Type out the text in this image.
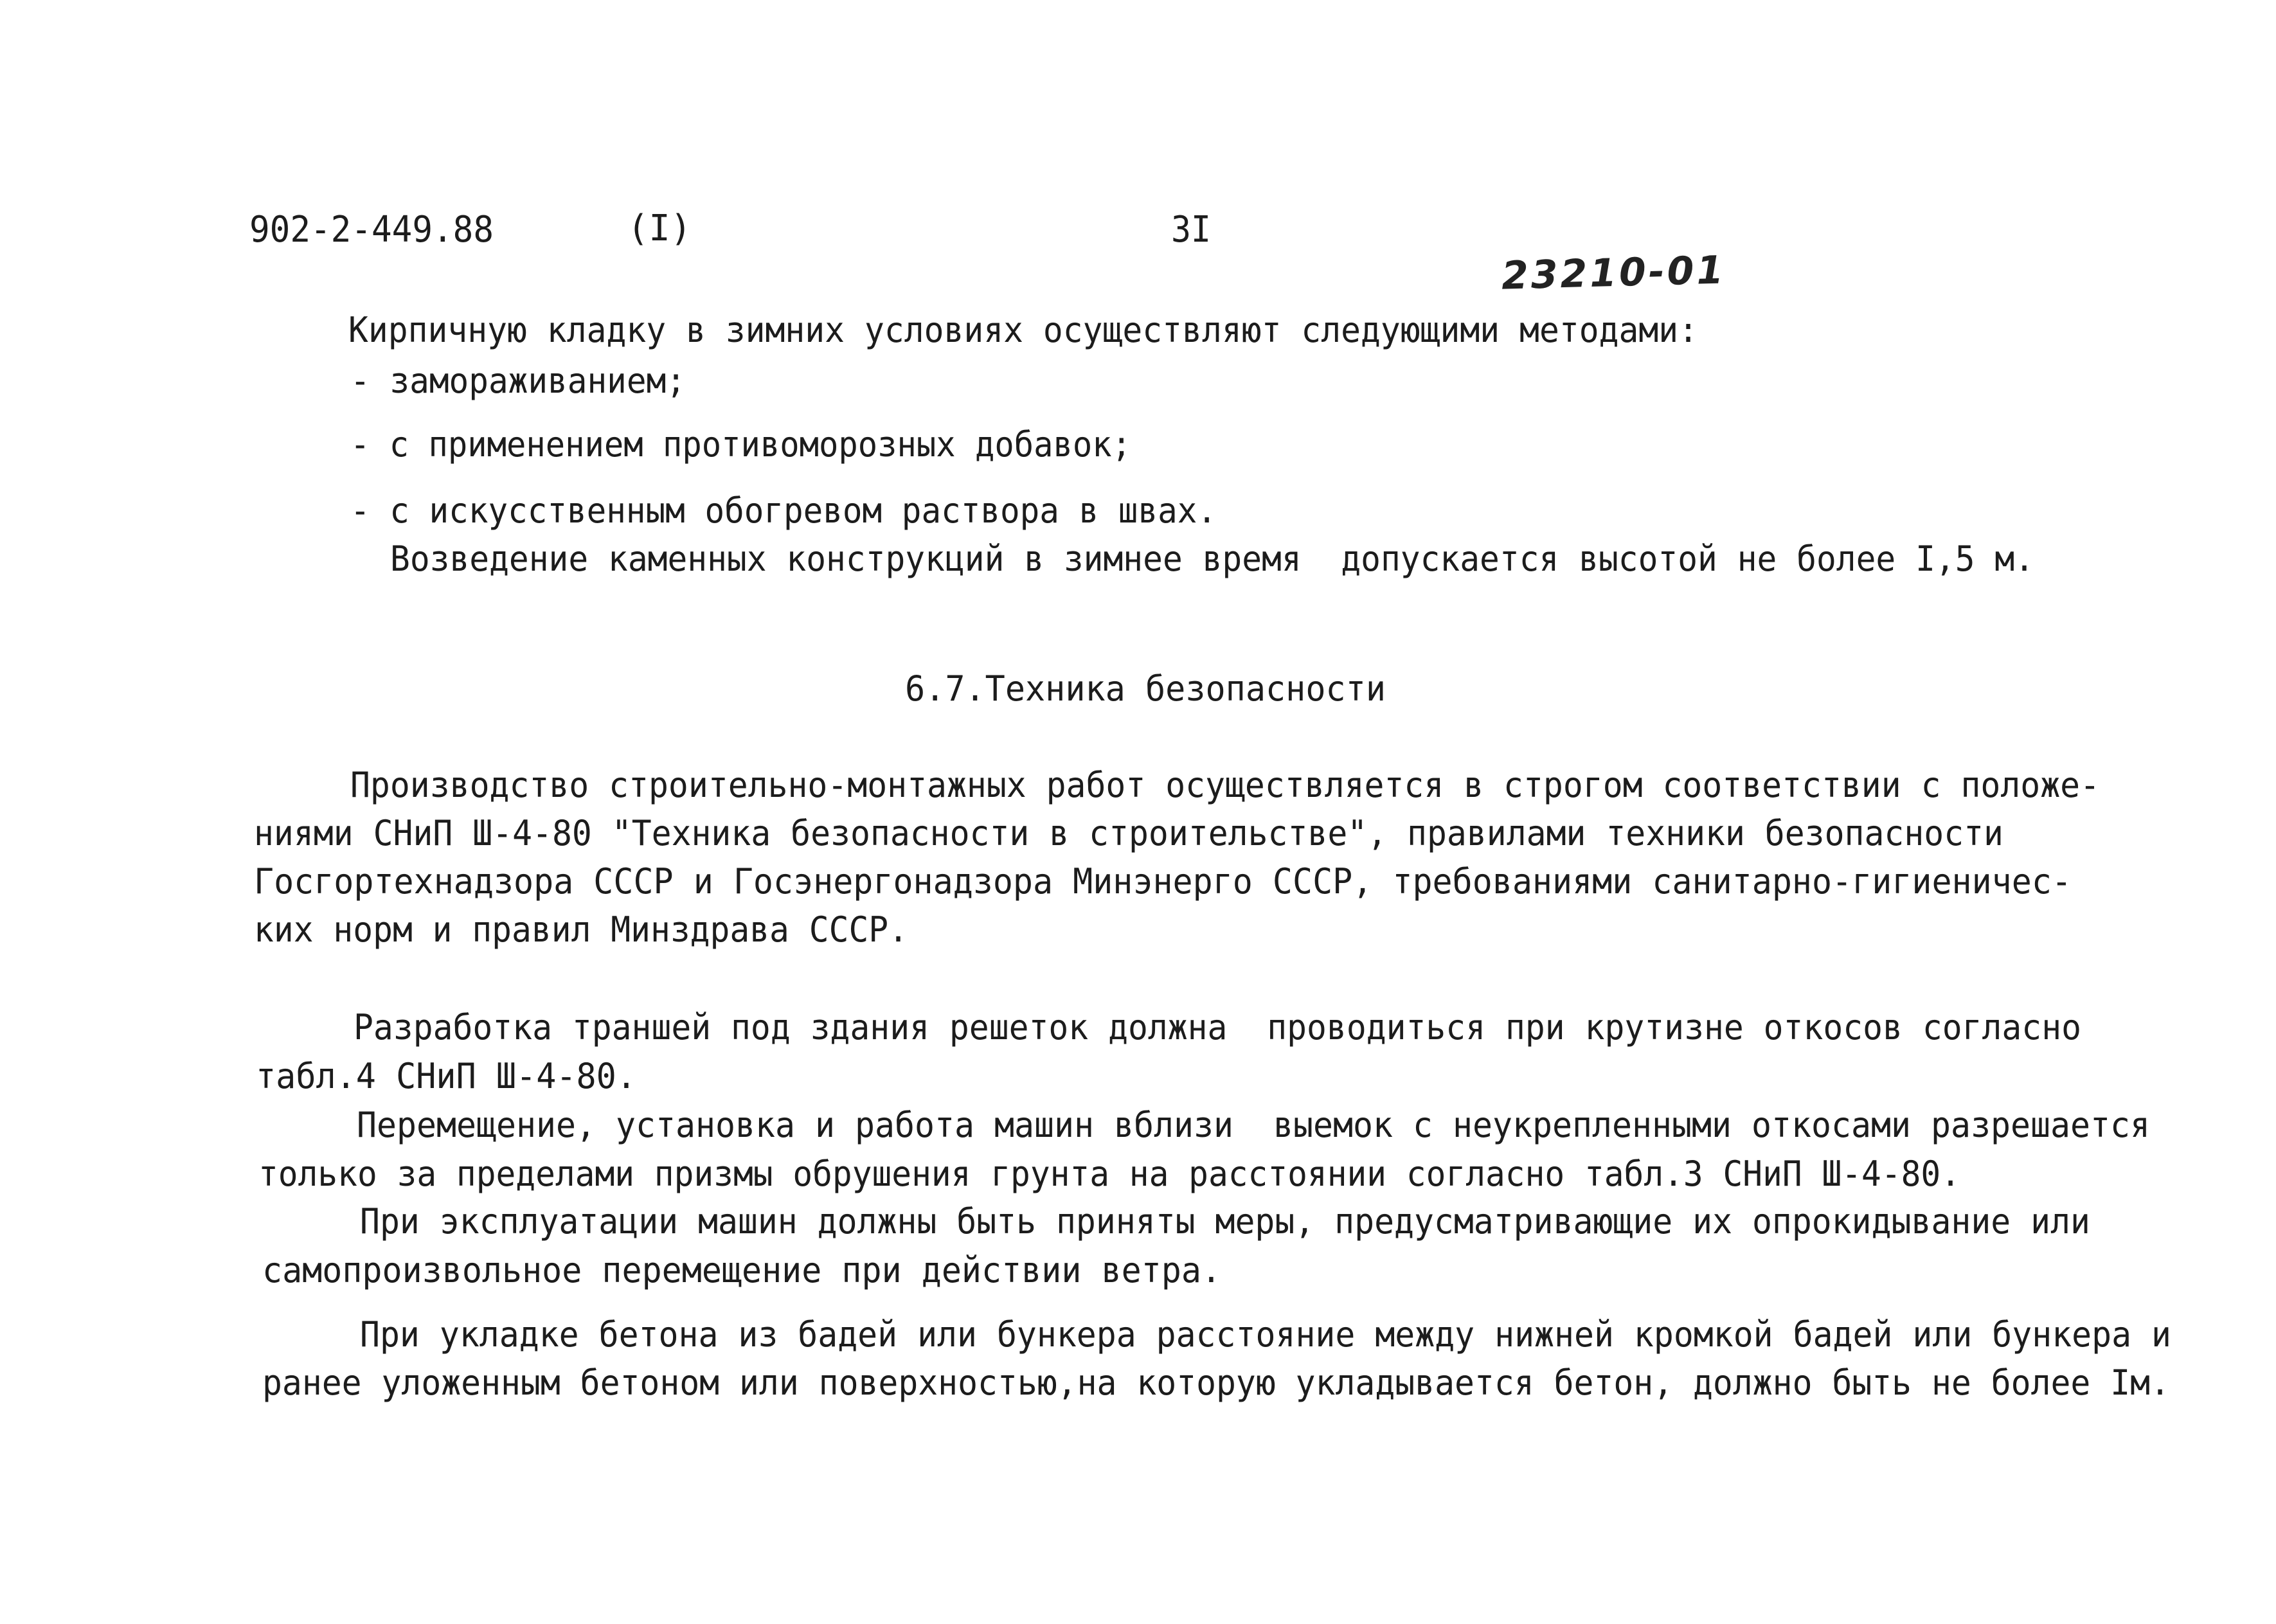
902-2-449.88	(I)	3I
23210-01
Кирпичную кладку в зимних условиях осуществляют следующими методами:
- замораживанием;
- с применением противоморозных добавок;
- с искусственным обогревом раствора в швах.
Возведение каменных конструкций в зимнее время  допускается высотой не более I,5 м.
6.7.Техника безопасности
Производство строительно-монтажных работ осуществляется в строгом соответствии с положе-
ниями СНиП Ш-4-80 "Техника безопасности в строительстве", правилами техники безопасности
Госгортехнадзора СССР и Госэнергонадзора Минэнерго СССР, требованиями санитарно-гигиеничес-
ких норм и правил Минздрава СССР.
Разработка траншей под здания решеток должна  проводиться при крутизне откосов согласно
табл.4 СНиП Ш-4-80.
Перемещение, установка и работа машин вблизи  выемок с неукрепленными откосами разрешается
только за пределами призмы обрушения грунта на расстоянии согласно табл.3 СНиП Ш-4-80.
При эксплуатации машин должны быть приняты меры, предусматривающие их опрокидывание или
самопроизвольное перемещение при действии ветра.
При укладке бетона из бадей или бункера расстояние между нижней кромкой бадей или бункера и
ранее уложенным бетоном или поверхностью,на которую укладывается бетон, должно быть не более Iм.
